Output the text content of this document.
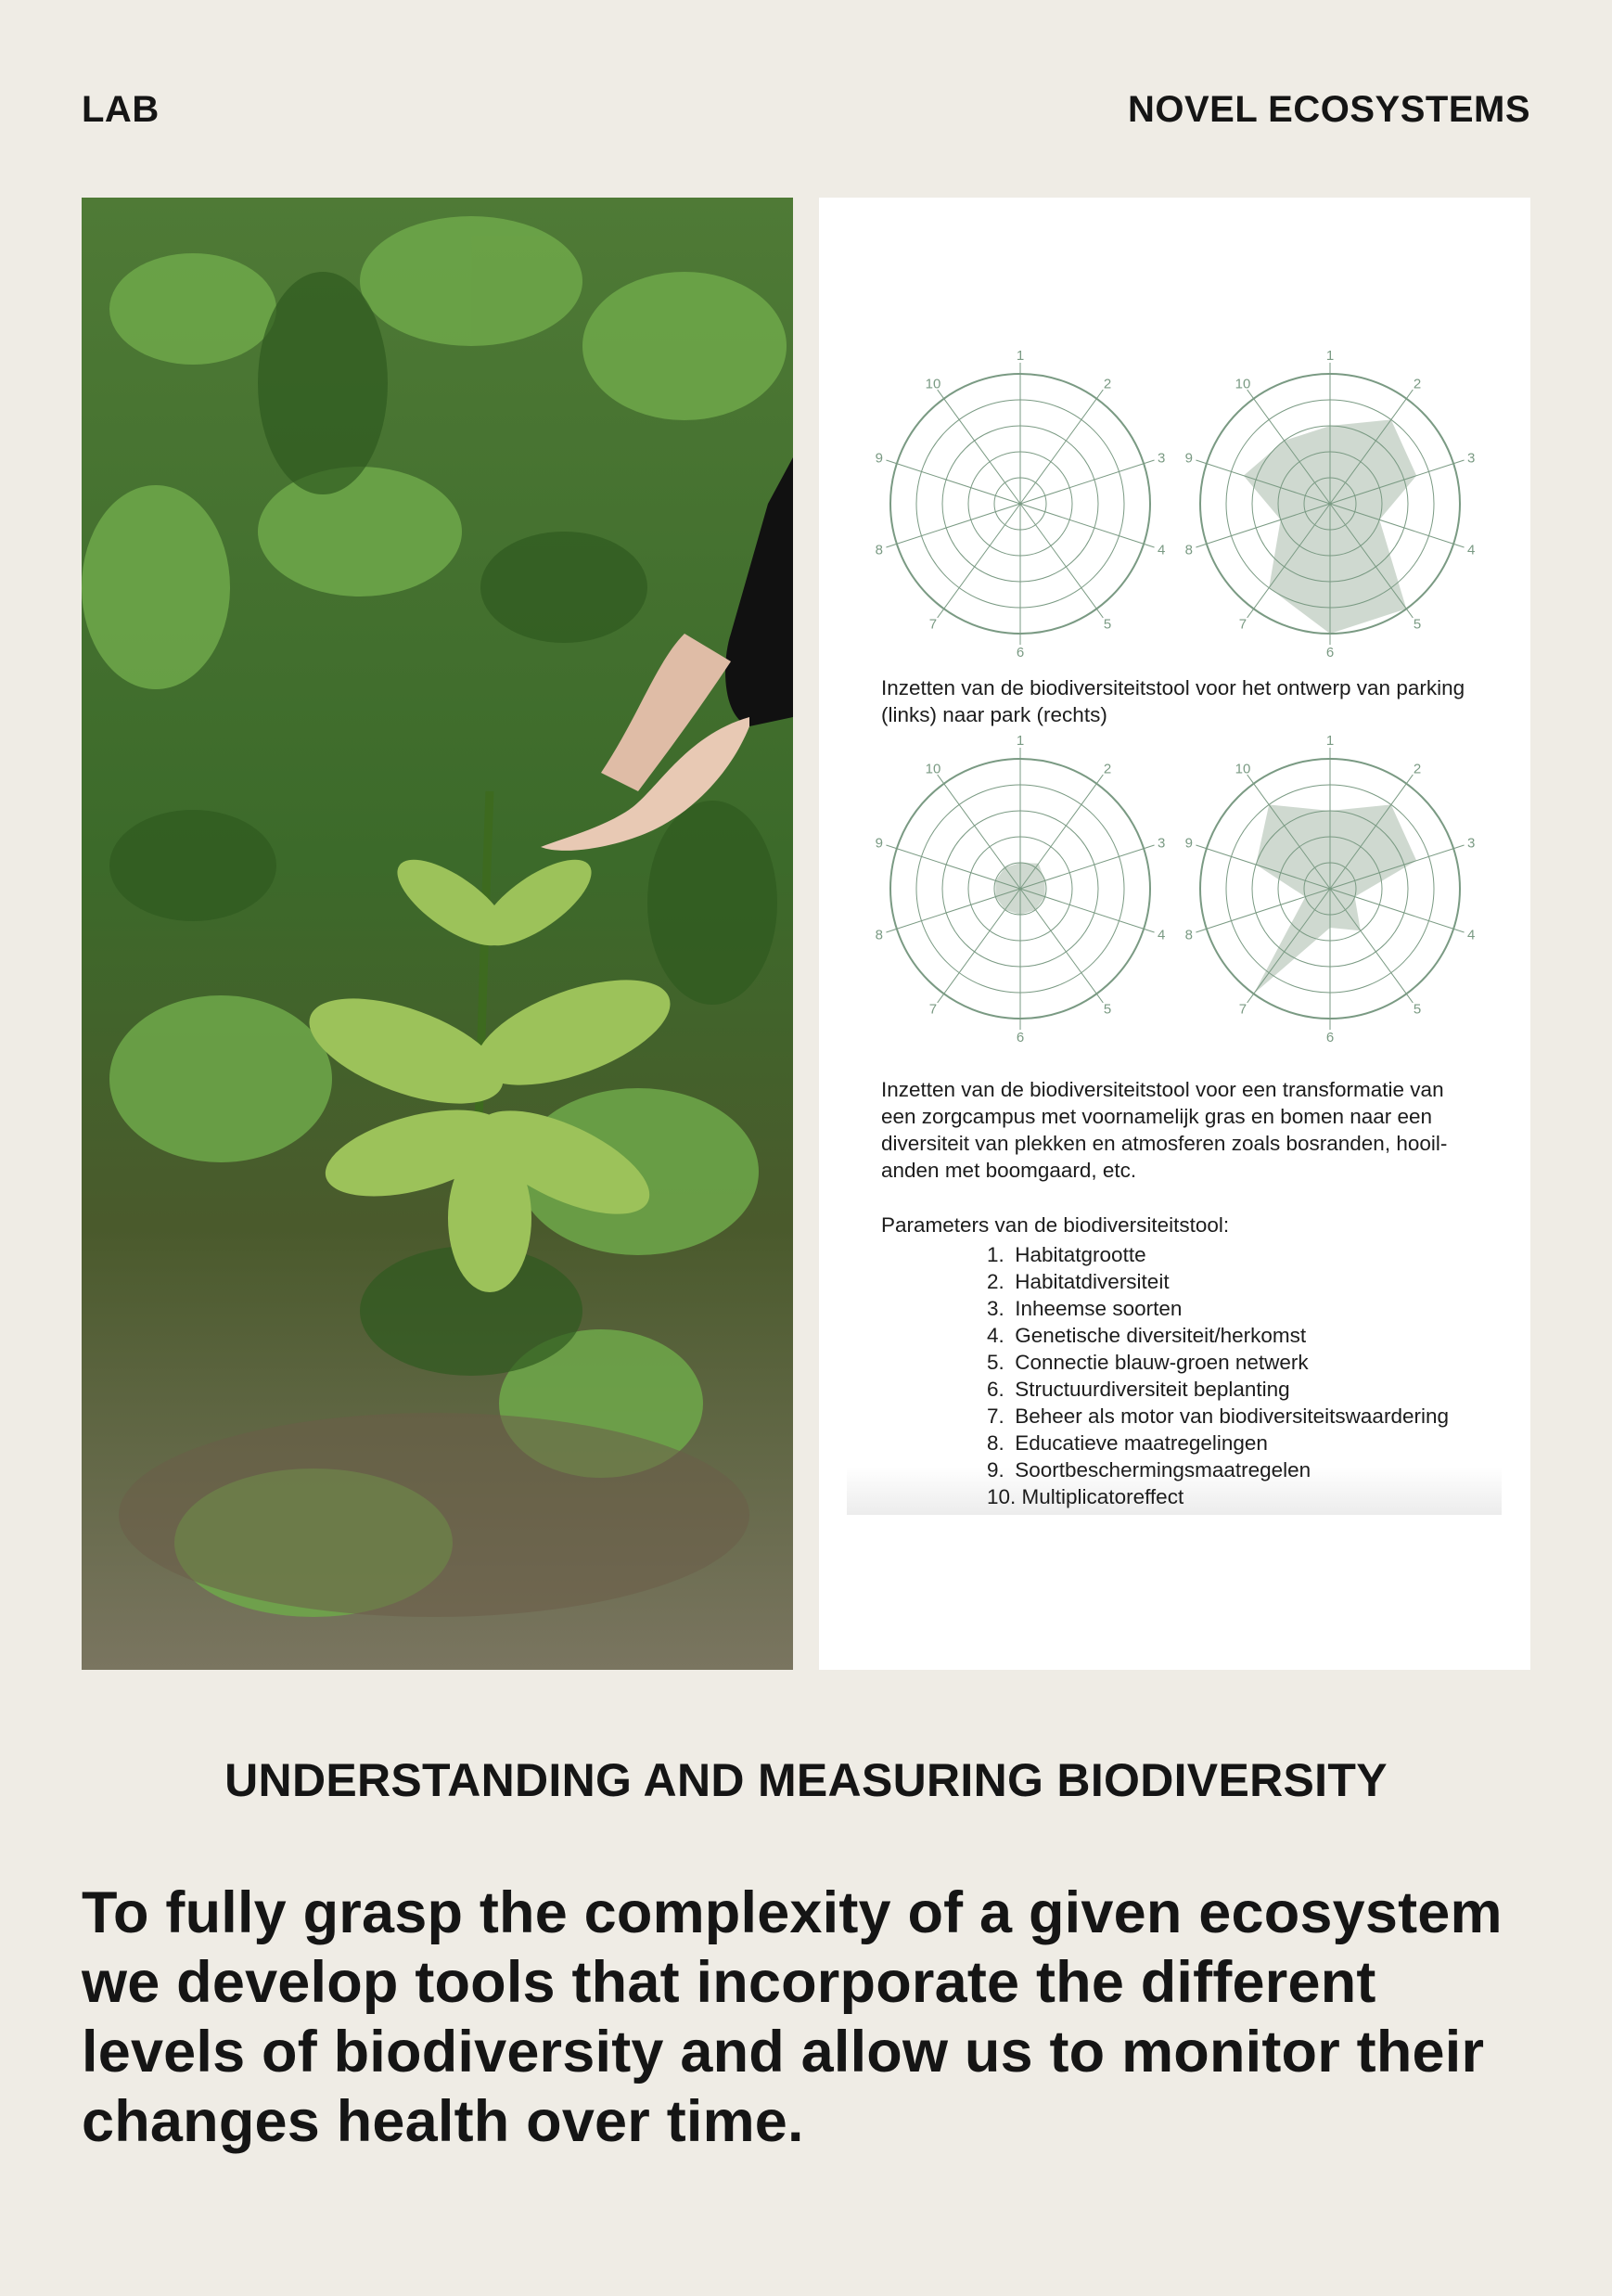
LAB	NOVEL ECOSYSTEMS
1
2
3
4
5
6
7
8
9
10
1
2
3
4
5
6
7
8
9
10
Inzetten van de biodiversiteitstool voor het ontwerp van parking (links) naar park (rechts)
1
2
3
4
5
6
7
8
9
10
1
2
3
4
5
6
7
8
9
10
Inzetten van de biodiversiteitstool voor een transformatie van een zorgcampus met voornamelijk gras en bomen naar een diversiteit van plekken en atmosferen zoals bosranden, hooil-anden met boomgaard, etc.
Parameters van de biodiversiteitstool:
1. Habitatgrootte
2. Habitatdiversiteit
3. Inheemse soorten
4. Genetische diversiteit/herkomst
5. Connectie blauw-groen netwerk
6. Structuurdiversiteit beplanting
7. Beheer als motor van biodiversiteitswaardering
8. Educatieve maatregelingen
9. Soortbeschermingsmaatregelen
10. Multiplicatoreffect
UNDERSTANDING AND MEASURING BIODIVERSITY
To fully grasp the complexity of a given ecosystem we develop tools that incorporate the different levels of biodiversity and allow us to monitor their changes health over time.
